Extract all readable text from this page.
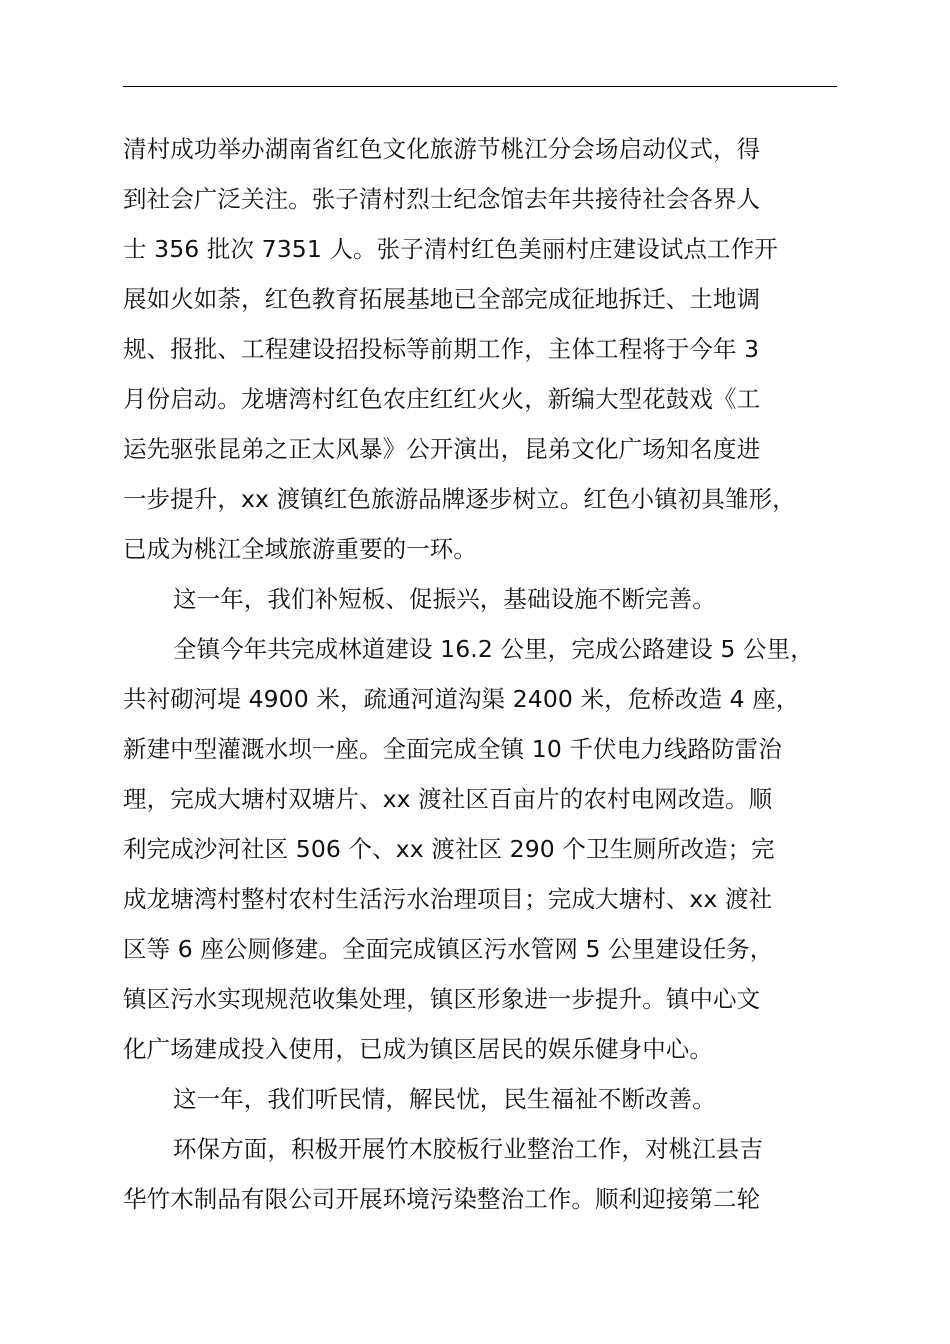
清村成功举办湖南省红色文化旅游节桃江分会场启动仪式，得
到社会广泛关注。张子清村烈士纪念馆去年共接待社会各界人
士 356 批次 7351 人。张子清村红色美丽村庄建设试点工作开
展如火如荼，红色教育拓展基地已全部完成征地拆迁、土地调
规、报批、工程建设招投标等前期工作，主体工程将于今年 3
月份启动。龙塘湾村红色农庄红红火火，新编大型花鼓戏《工
运先驱张昆弟之正太风暴》公开演出，昆弟文化广场知名度进
一步提升，xx 渡镇红色旅游品牌逐步树立。红色小镇初具雏形，
已成为桃江全域旅游重要的一环。
这一年，我们补短板、促振兴，基础设施不断完善。
全镇今年共完成林道建设 16.2 公里，完成公路建设 5 公里，
共衬砌河堤 4900 米，疏通河道沟渠 2400 米，危桥改造 4 座，
新建中型灌溉水坝一座。全面完成全镇 10 千伏电力线路防雷治
理，完成大塘村双塘片、xx 渡社区百亩片的农村电网改造。顺
利完成沙河社区 506 个、xx 渡社区 290 个卫生厕所改造；完
成龙塘湾村整村农村生活污水治理项目；完成大塘村、xx 渡社
区等 6 座公厕修建。全面完成镇区污水管网 5 公里建设任务，
镇区污水实现规范收集处理，镇区形象进一步提升。镇中心文
化广场建成投入使用，已成为镇区居民的娱乐健身中心。
这一年，我们听民情，解民忧，民生福祉不断改善。
环保方面，积极开展竹木胶板行业整治工作，对桃江县吉
华竹木制品有限公司开展环境污染整治工作。顺利迎接第二轮
